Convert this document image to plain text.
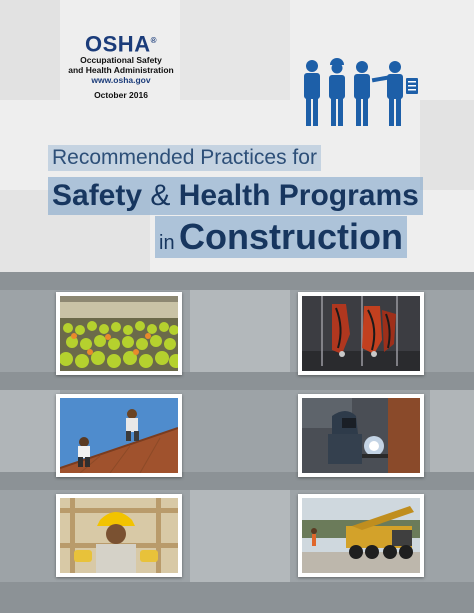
OSHA®
Occupational Safety
and Health Administration
www.osha.gov
October 2016
Recommended Practices for
Safety & Health Programs
in Construction
